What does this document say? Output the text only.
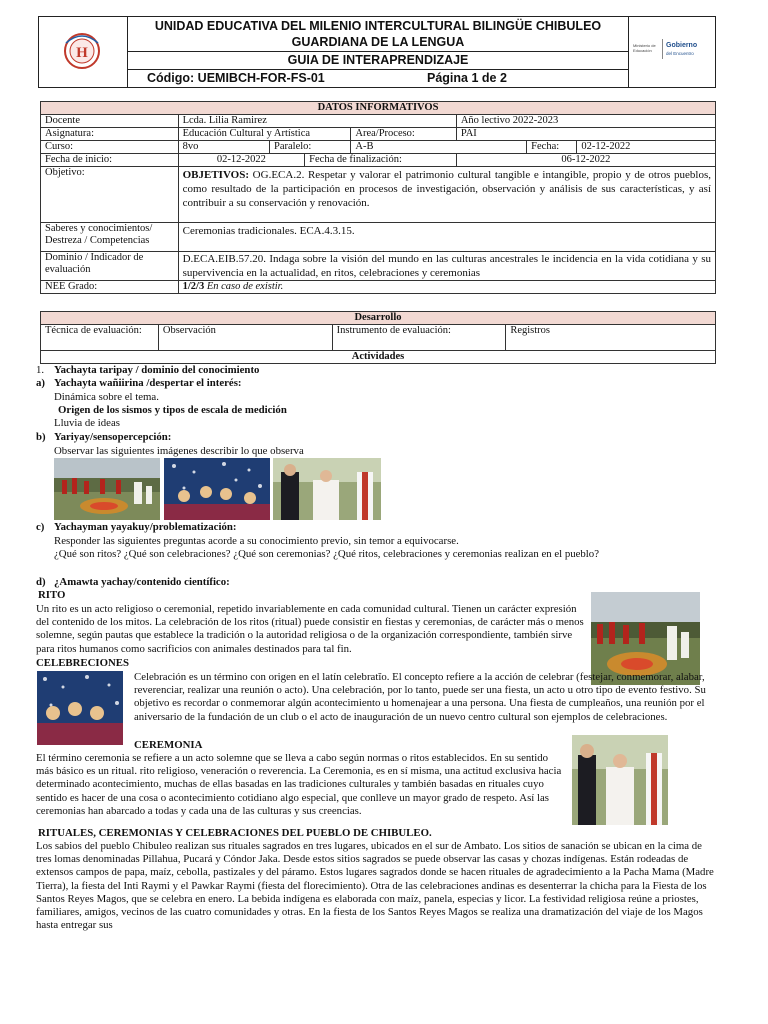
H
UNIDAD EDUCATIVA DEL MILENIO INTERCULTURAL BILINGÜE CHIBULEO
GUARDIANA DE LA LENGUA
GUIA DE INTERAPRENDIZAJE
Código: UEMIBCH-FOR-FS-01	Página 1 de 2
Ministerio de Educación
Gobierno
del Encuentro
DATOS INFORMATIVOS							
Docente	Lcda. Lilia Ramirez				Año lectivo 2022-2023		
Asignatura:	Educación Cultural y Artística			Area/Proceso:	PAI		
Curso:	8vo	Paralelo:		A-B		Fecha:	02-12-2022
Fecha de inicio:	02-12-2022		Fecha de finalización:		06-12-2022		
Objetivo:	OBJETIVOS: OG.ECA.2. Respetar y valorar el patrimonio cultural tangible e intangible, propio y de otros pueblos, como resultado de la participación en procesos de investigación, observación y análisis de sus características, y así contribuir a su conservación y renovación.						
Saberes y conocimientos/ Destreza / Competencias	Ceremonias tradicionales. ECA.4.3.15.						
Dominio / Indicador de evaluación	D.ECA.EIB.57.20. Indaga sobre la visión del mundo en las culturas ancestrales le incidencia en la vida cotidiana y su supervivencia en la actualidad, en ritos, celebraciones y ceremonias						
NEE Grado:	1/2/3 En caso de existir.						
Desarrollo
Técnica de evaluación:	Observación	Instrumento de evaluación:	Registros
Actividades
1. Yachayta taripay / dominio del conocimiento
a) Yachayta wañiirina /despertar el interés:
Dinámica sobre el tema.
Origen de los sismos y tipos de escala de medición
Lluvia de ideas
b) Yariyay/sensopercepción:
Observar las siguientes imágenes describir lo que observa
c) Yachayman yayakuy/problematización:
Responder las siguientes preguntas acorde a su conocimiento previo, sin temor a equivocarse.
¿Qué son ritos? ¿Qué son celebraciones? ¿Qué son ceremonias? ¿Qué ritos, celebraciones y ceremonias realizan en el pueblo?
d) ¿Amawta yachay/contenido científico:
RITO
Un rito es un acto religioso o ceremonial, repetido invariablemente en cada comunidad cultural. Tienen un carácter expresión del contenido de los mitos. La celebración de los ritos (ritual) puede consistir en fiestas y ceremonias, de carácter más o menos solemne, según pautas que establece la tradición o la autoridad religiosa o de la organización correspondiente, también sirve para ritos humanos como sacrificios con animales destinados para tal fin.
CELEBRECIONES
Celebración es un término con origen en el latín celebratĭo. El concepto refiere a la acción de celebrar (festejar, conmemorar, alabar, reverenciar, realizar una reunión o acto). Una celebración, por lo tanto, puede ser una fiesta, un acto u otro tipo de evento festivo. Su objetivo es recordar o conmemorar algún acontecimiento u homenajear a una persona. Una fiesta de cumpleaños, una reunión por el aniversario de la fundación de un club o el acto de inauguración de un nuevo centro cultural son ejemplos de celebraciones.
CEREMONIA
El término ceremonia se refiere a un acto solemne que se lleva a cabo según normas o ritos establecidos. En su sentido más básico es un ritual. rito religioso, veneración o reverencia. La Ceremonia, es en sí misma, una actitud exclusiva hacia determinado acontecimiento, muchas de ellas basadas en las tradiciones culturales y también basadas en rituales cuyo sentido es hacer de una cosa o acontecimiento cotidiano algo especial, que conlleve un mayor grado de respeto. Así las ceremonias han abarcado a todas y cada una de las culturas y sus creencias.
RITUALES, CEREMONIAS Y CELEBRACIONES DEL PUEBLO DE CHIBULEO.
Los sabios del pueblo Chibuleo realizan sus rituales sagrados en tres lugares, ubicados en el sur de Ambato. Los sitios de sanación se ubican en la cima de tres lomas denominadas Pillahua, Pucará y Cóndor Jaka. Desde estos sitios sagrados se puede observar las casas y chozas indígenas. Están rodeadas de extensos campos de papa, maíz, cebolla, pastizales y del páramo. Estos lugares sagrados donde se hacen rituales de agradecimiento a la Pacha Mama (Madre Tierra), la fiesta del Inti Raymi y el Pawkar Raymi (fiesta del florecimiento). Otra de las celebraciones andinas es desenterrar la chicha para la Fiesta de los Santos Reyes Magos, que se celebra en enero. La bebida indígena es elaborada con maíz, panela, especias y licor. La festividad religiosa reúne a priostes, familiares, amigos, vecinos de las cuatro comunidades y otras. En la fiesta de los Santos Reyes Magos se realiza una dramatización del viaje de los Magos hasta entregar sus
